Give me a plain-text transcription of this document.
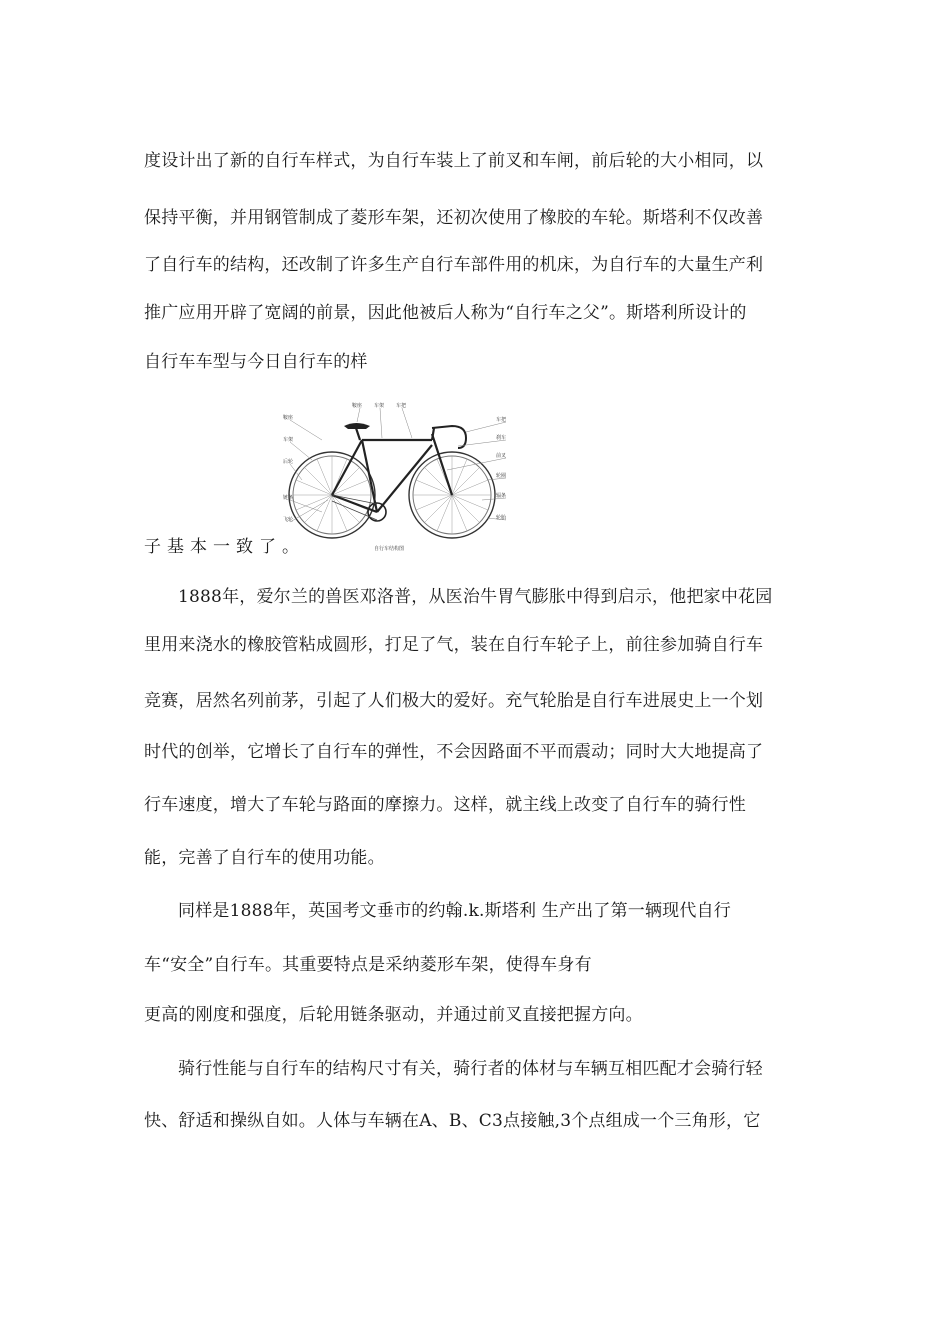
度设计出了新的自行车样式，为自行车装上了前叉和车闸，前后轮的大小相同，以
保持平衡，并用钢管制成了菱形车架，还初次使用了橡胶的车轮。斯塔利不仅改善
了自行车的结构，还改制了许多生产自行车部件用的机床，为自行车的大量生产利
推广应用开辟了宽阔的前景，因此他被后人称为“自行车之父”。斯塔利所设计的
自行车车型与今日自行车的样
鞍座
车架
后轮
链条
飞轮
鞍座 车架 车把
车把
刹车
前叉
轮圈
辐条
轮胎
自行车结构图
子基本一致了。
1888年，爱尔兰的兽医邓洛普，从医治牛胃气膨胀中得到启示，他把家中花园
里用来浇水的橡胶管粘成圆形，打足了气，装在自行车轮子上，前往参加骑自行车
竞赛，居然名列前茅，引起了人们极大的爱好。充气轮胎是自行车进展史上一个划
时代的创举，它增长了自行车的弹性，不会因路面不平而震动；同时大大地提高了
行车速度，增大了车轮与路面的摩擦力。这样，就主线上改变了自行车的骑行性
能，完善了自行车的使用功能。
同样是1888年，英国考文垂市的约翰.k.斯塔利 生产出了第一辆现代自行
车“安全”自行车。其重要特点是采纳菱形车架，使得车身有
更高的刚度和强度，后轮用链条驱动，并通过前叉直接把握方向。
骑行性能与自行车的结构尺寸有关，骑行者的体材与车辆互相匹配才会骑行轻
快、舒适和操纵自如。人体与车辆在A、B、C3点接触,3个点组成一个三角形，它
